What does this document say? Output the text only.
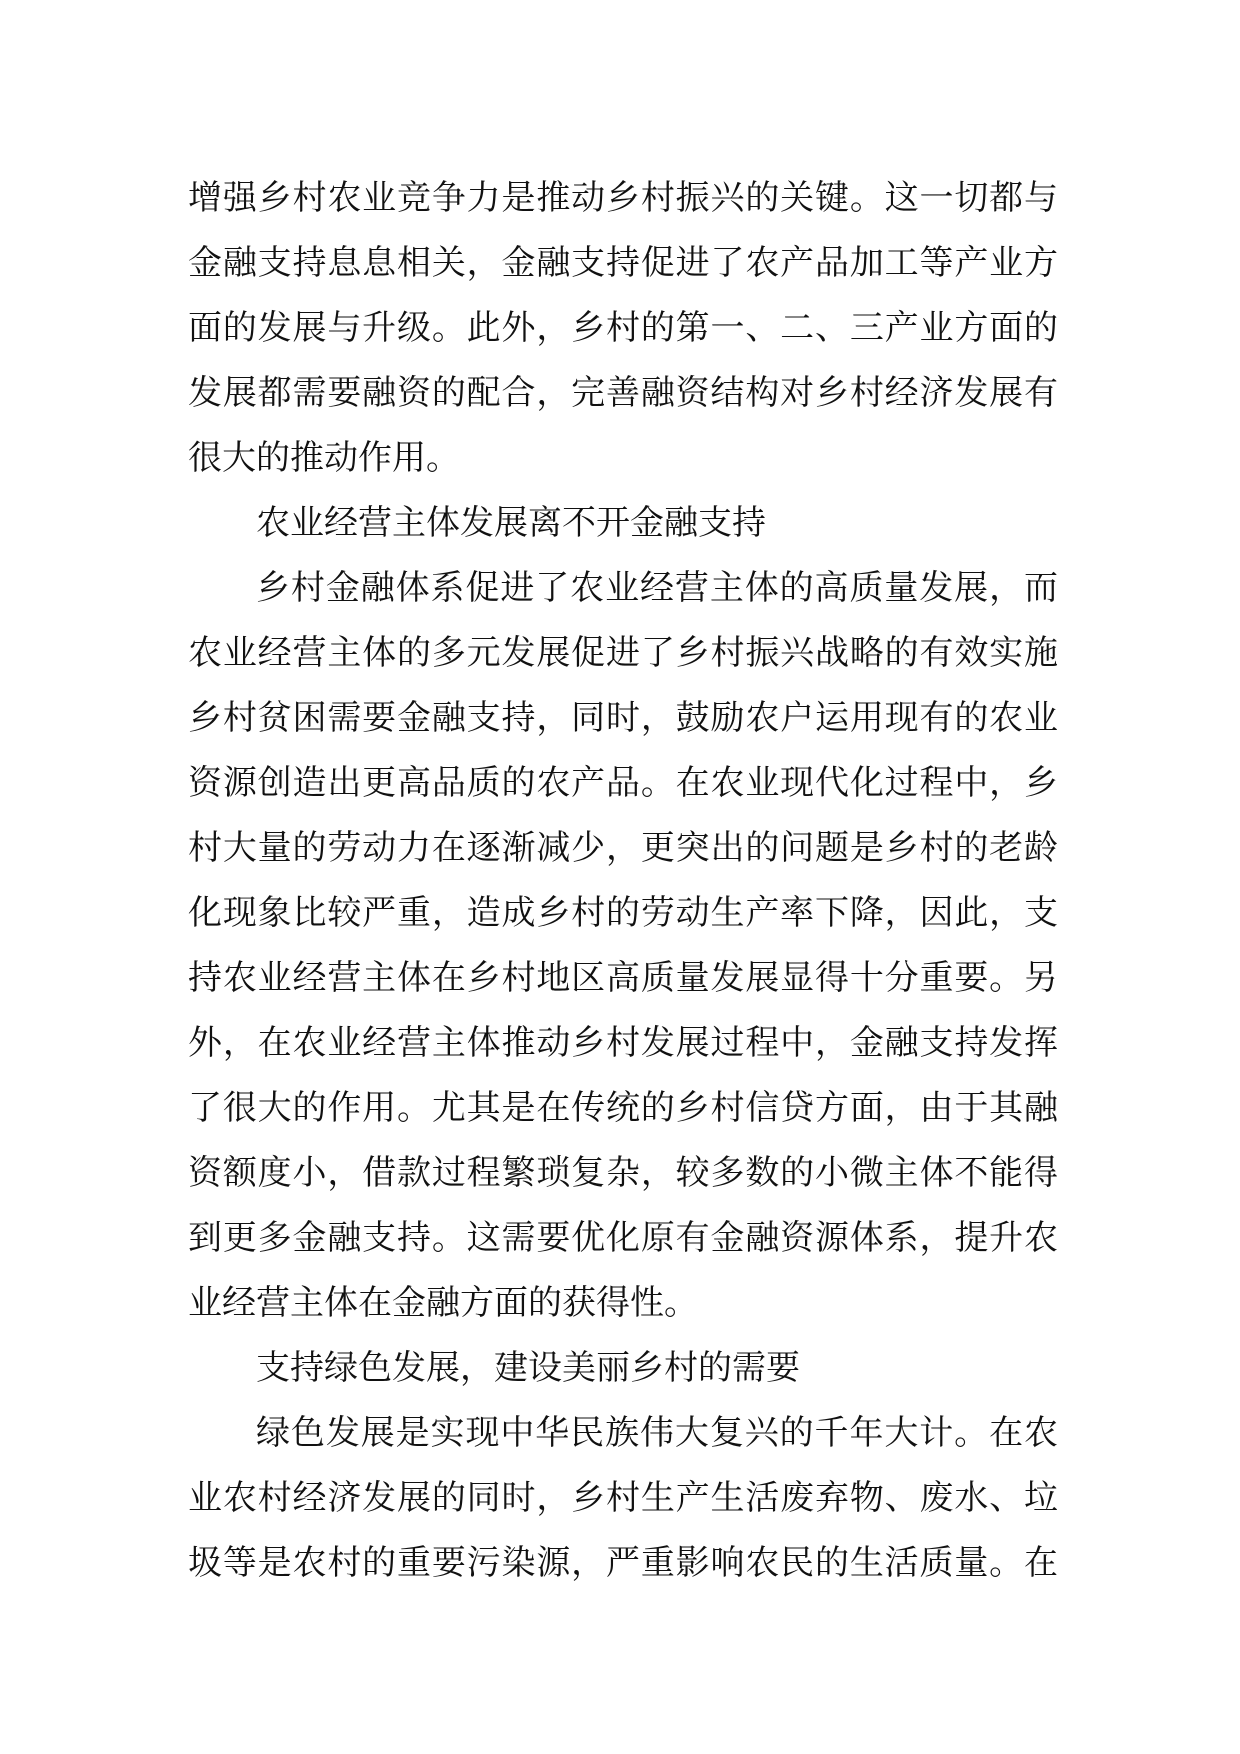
增强乡村农业竞争力是推动乡村振兴的关键。这一切都与
金融支持息息相关，金融支持促进了农产品加工等产业方
面的发展与升级。此外，乡村的第一、二、三产业方面的
发展都需要融资的配合，完善融资结构对乡村经济发展有
很大的推动作用。
农业经营主体发展离不开金融支持
乡村金融体系促进了农业经营主体的高质量发展，而
农业经营主体的多元发展促进了乡村振兴战略的有效实施
乡村贫困需要金融支持，同时，鼓励农户运用现有的农业
资源创造出更高品质的农产品。在农业现代化过程中，乡
村大量的劳动力在逐渐减少，更突出的问题是乡村的老龄
化现象比较严重，造成乡村的劳动生产率下降，因此，支
持农业经营主体在乡村地区高质量发展显得十分重要。另
外，在农业经营主体推动乡村发展过程中，金融支持发挥
了很大的作用。尤其是在传统的乡村信贷方面，由于其融
资额度小，借款过程繁琐复杂，较多数的小微主体不能得
到更多金融支持。这需要优化原有金融资源体系，提升农
业经营主体在金融方面的获得性。
支持绿色发展，建设美丽乡村的需要
绿色发展是实现中华民族伟大复兴的千年大计。在农
业农村经济发展的同时，乡村生产生活废弃物、废水、垃
圾等是农村的重要污染源，严重影响农民的生活质量。在
